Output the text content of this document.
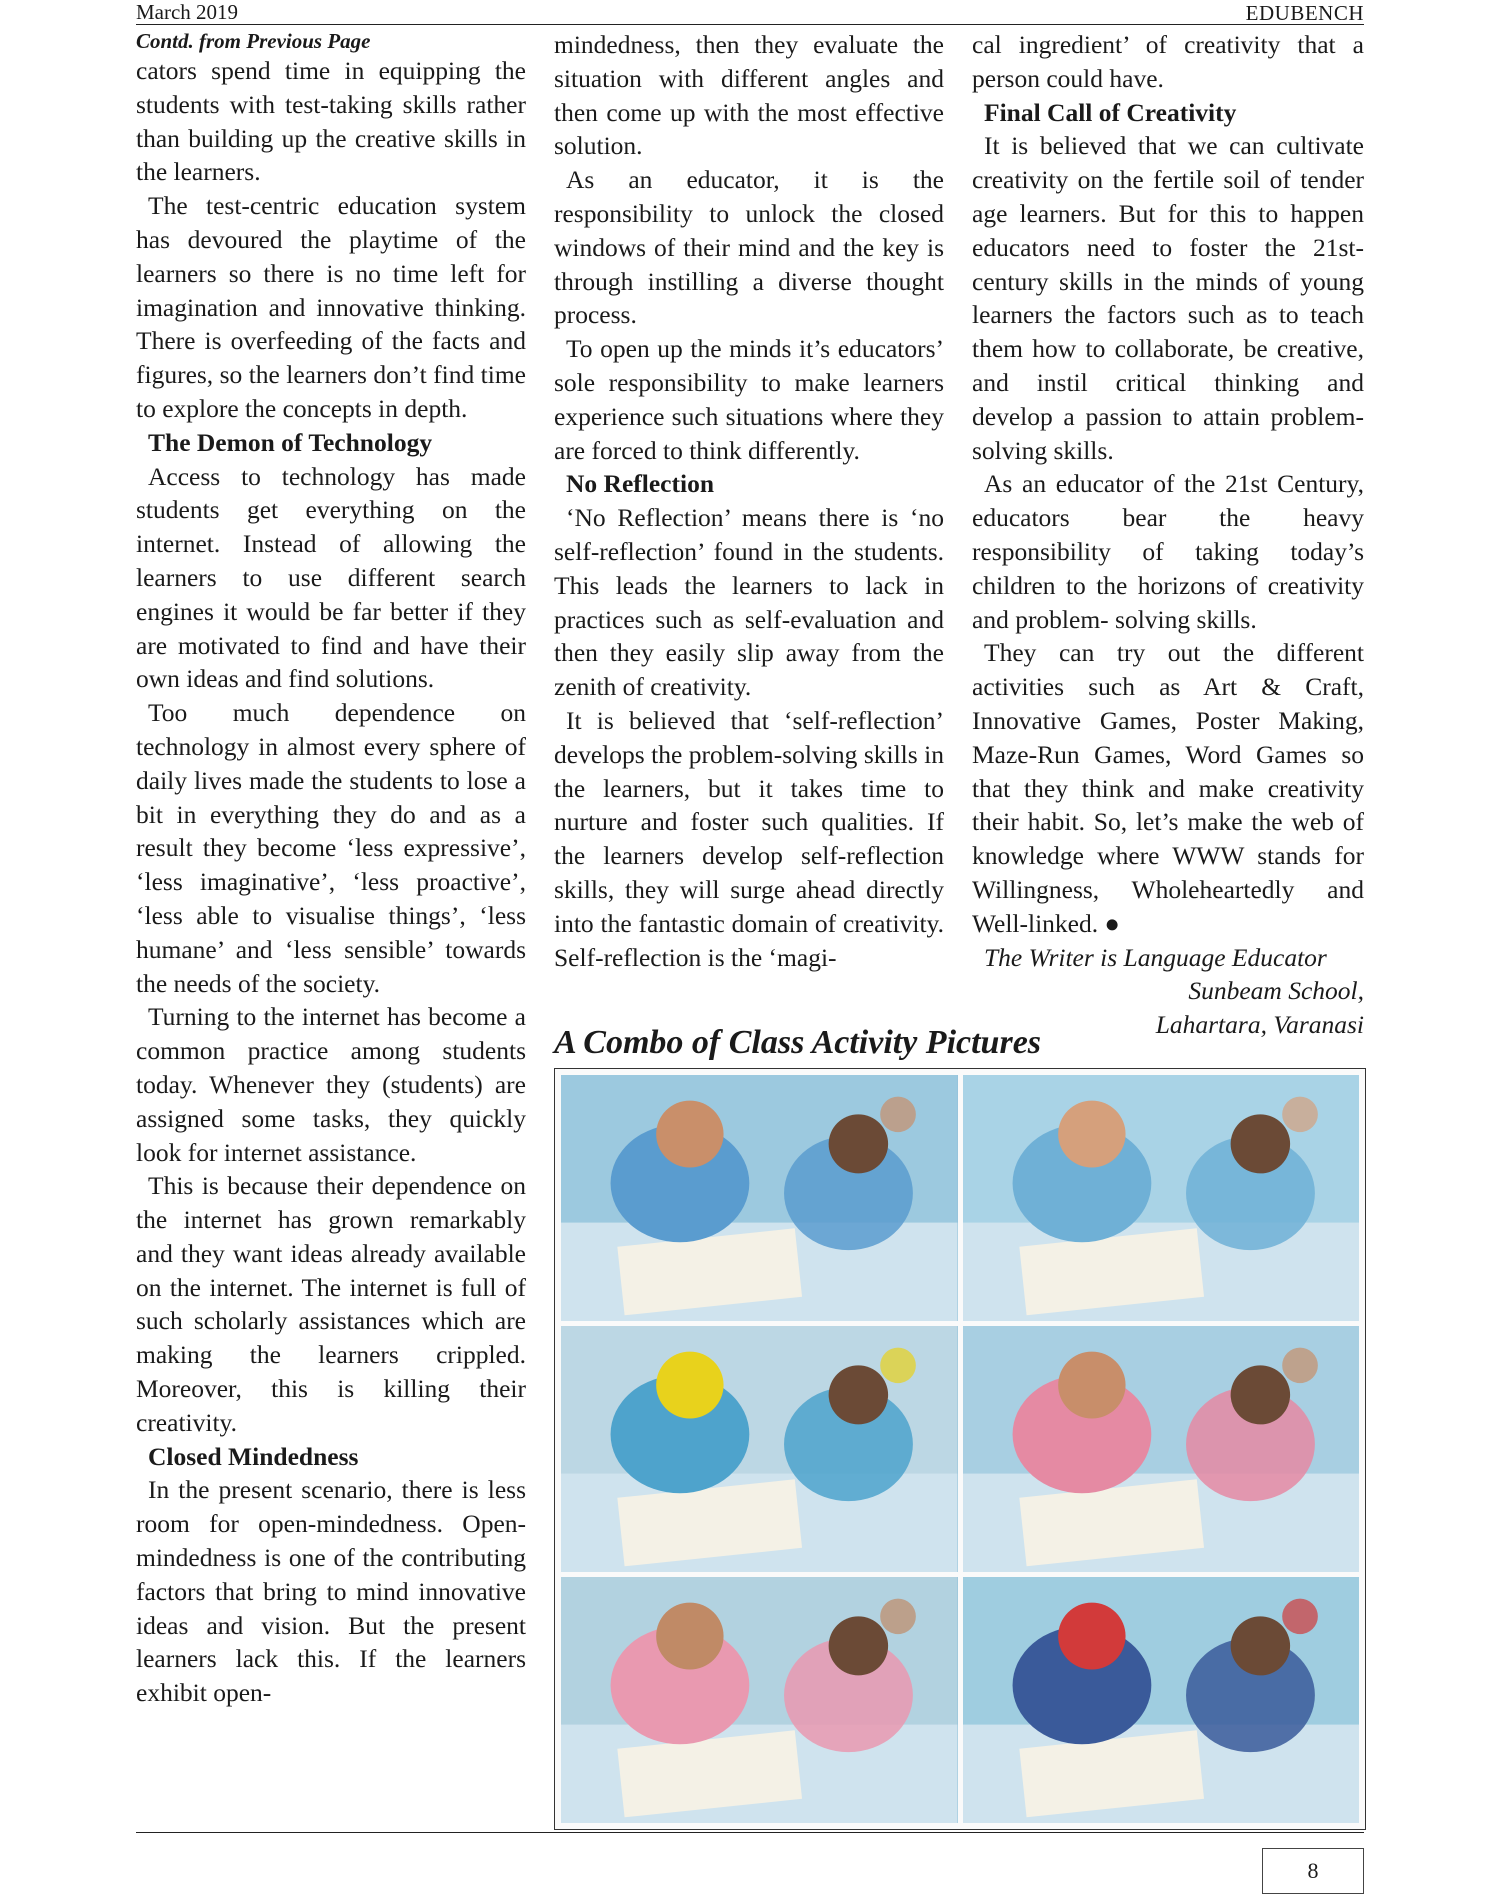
March 2019	EDUBENCH
Contd. from Previous Page

cators spend time in equipping the students with test-taking skills rather than building up the creative skills in the learners.

The test-centric education system has devoured the playtime of the learners so there is no time left for imagination and innovative thinking. There is overfeeding of the facts and figures, so the learners don’t find time to explore the concepts in depth.

The Demon of Technology

Access to technology has made students get everything on the internet. Instead of allowing the learners to use different search engines it would be far better if they are motivated to find and have their own ideas and find solutions.

Too much dependence on technology in almost every sphere of daily lives made the students to lose a bit in everything they do and as a result they become ‘less expressive’, ‘less imaginative’, ‘less proactive’, ‘less able to visualise things’, ‘less humane’ and ‘less sensible’ towards the needs of the society.

Turning to the internet has become a common practice among students today. Whenever they (students) are assigned some tasks, they quickly look for internet assistance.

This is because their dependence on the internet has grown remarkably and they want ideas already available on the internet. The internet is full of such scholarly assistances which are making the learners crippled. Moreover, this is killing their creativity.

Closed Mindedness

In the present scenario, there is less room for open-mindedness. Open-mindedness is one of the contributing factors that bring to mind innovative ideas and vision. But the present learners lack this. If the learners exhibit open-

mindedness, then they evaluate the situation with different angles and then come up with the most effective solution.

As an educator, it is the responsibility to unlock the closed windows of their mind and the key is through instilling a diverse thought process.

To open up the minds it’s educators’ sole responsibility to make learners experience such situations where they are forced to think differently.

No Reflection

‘No Reflection’ means there is ‘no self-reflection’ found in the students. This leads the learners to lack in practices such as self-evaluation and then they easily slip away from the zenith of creativity.

It is believed that ‘self-reflection’ develops the problem-solving skills in the learners, but it takes time to nurture and foster such qualities. If the learners develop self-reflection skills, they will surge ahead directly into the fantastic domain of creativity. Self-reflection is the ‘magi-

cal ingredient’ of creativity that a person could have.

Final Call of Creativity

It is believed that we can cultivate creativity on the fertile soil of tender age learners. But for this to happen educators need to foster the 21st-century skills in the minds of young learners the factors such as to teach them how to collaborate, be creative, and instil critical thinking and develop a passion to attain problem-solving skills.

As an educator of the 21st Century, educators bear the heavy responsibility of taking today’s children to the horizons of creativity and problem- solving skills.

They can try out the different activities such as Art & Craft, Innovative Games, Poster Making, Maze-Run Games, Word Games so that they think and make creativity their habit. So, let’s make the web of knowledge where WWW stands for Willingness, Wholeheartedly and Well-linked. ●

The Writer is Language Educator

Sunbeam School,

Lahartara, Varanasi

A Combo of Class Activity Pictures
8
